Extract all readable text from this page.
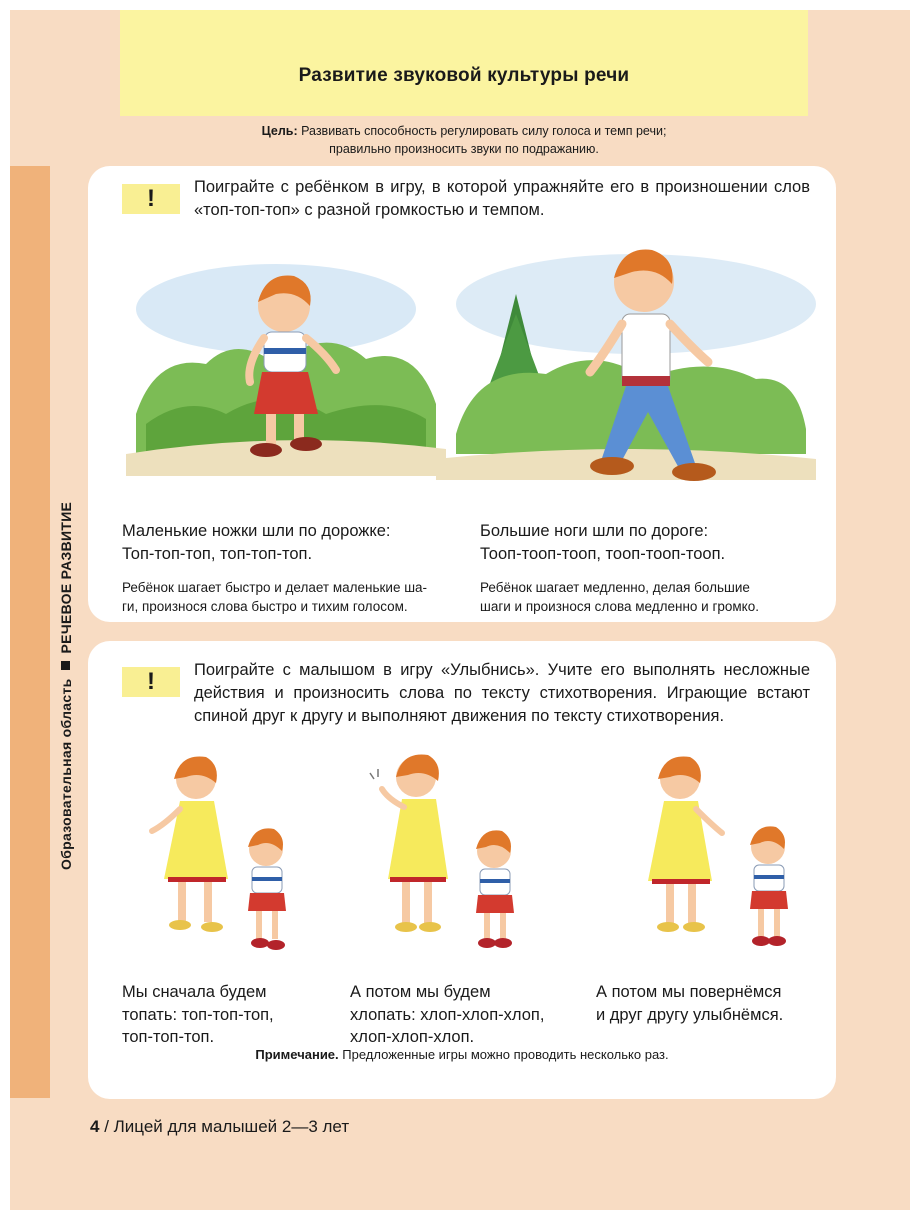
Развитие звуковой культуры речи
Цель: Развивать способность регулировать силу голоса и темп речи;
правильно произносить звуки по подражанию.
Образовательная областьРЕЧЕВОЕ РАЗВИТИЕ
!	Поиграйте с ребёнком в игру, в которой упражняйте его в произношении слов «топ-топ-топ» с разной громкостью и темпом.
Маленькие ножки шли по дорожке:
Топ-топ-топ, топ-топ-топ.
Большие ноги шли по дороге:
Тооп-тооп-тооп, тооп-тооп-тооп.
Ребёнок шагает быстро и делает маленькие ша-
ги, произнося слова быстро и тихим голосом.
Ребёнок шагает медленно, делая большие
шаги и произнося слова медленно и громко.
!	Поиграйте с малышом в игру «Улыбнись». Учите его выполнять несложные действия и произносить слова по тексту стихотворения. Играющие встают спиной друг к другу и выполняют движения по тексту стихотворения.
Мы сначала будем
топать: топ-топ-топ,
топ-топ-топ.
А потом мы будем
хлопать: хлоп-хлоп-хлоп,
хлоп-хлоп-хлоп.
А потом мы повернёмся
и друг другу улыбнёмся.
Примечание. Предложенные игры можно проводить несколько раз.
4 / Лицей для малышей 2—3 лет
